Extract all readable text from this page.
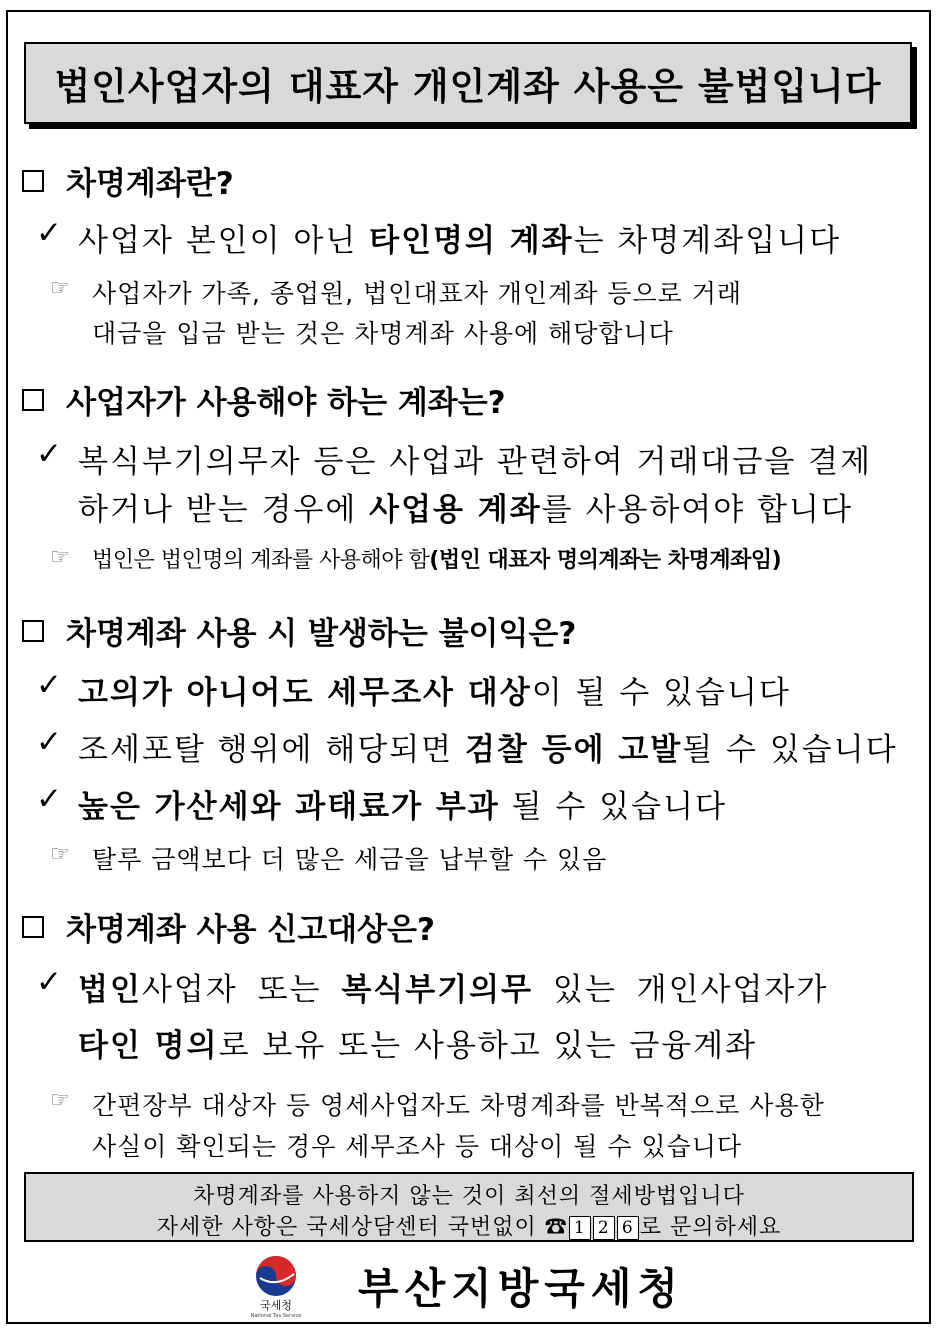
법인사업자의 대표자 개인계좌 사용은 불법입니다
차명계좌란?
✓ 사업자 본인이 아닌 타인명의 계좌는 차명계좌입니다
☞ 사업자가 가족, 종업원, 법인대표자 개인계좌 등으로 거래
대금을 입금 받는 것은 차명계좌 사용에 해당합니다
사업자가 사용해야 하는 계좌는?
✓ 복식부기의무자 등은 사업과 관련하여 거래대금을 결제
하거나 받는 경우에 사업용 계좌를 사용하여야 합니다
☞ 법인은 법인명의 계좌를 사용해야 함(법인 대표자 명의계좌는 차명계좌임)
차명계좌 사용 시 발생하는 불이익은?
✓ 고의가 아니어도 세무조사 대상이 될 수 있습니다
✓ 조세포탈 행위에 해당되면 검찰 등에 고발될 수 있습니다
✓ 높은 가산세와 과태료가 부과 될 수 있습니다
☞ 탈루 금액보다 더 많은 세금을 납부할 수 있음
차명계좌 사용 신고대상은?
✓ 법인사업자 또는 복식부기의무 있는 개인사업자가
타인 명의로 보유 또는 사용하고 있는 금융계좌
☞ 간편장부 대상자 등 영세사업자도 차명계좌를 반복적으로 사용한
사실이 확인되는 경우 세무조사 등 대상이 될 수 있습니다
차명계좌를 사용하지 않는 것이 최선의 절세방법입니다
자세한 사항은 국세상담센터 국번없이 ☎ 1 2 6 로 문의하세요
국세청
National Tax Service
부산지방국세청
